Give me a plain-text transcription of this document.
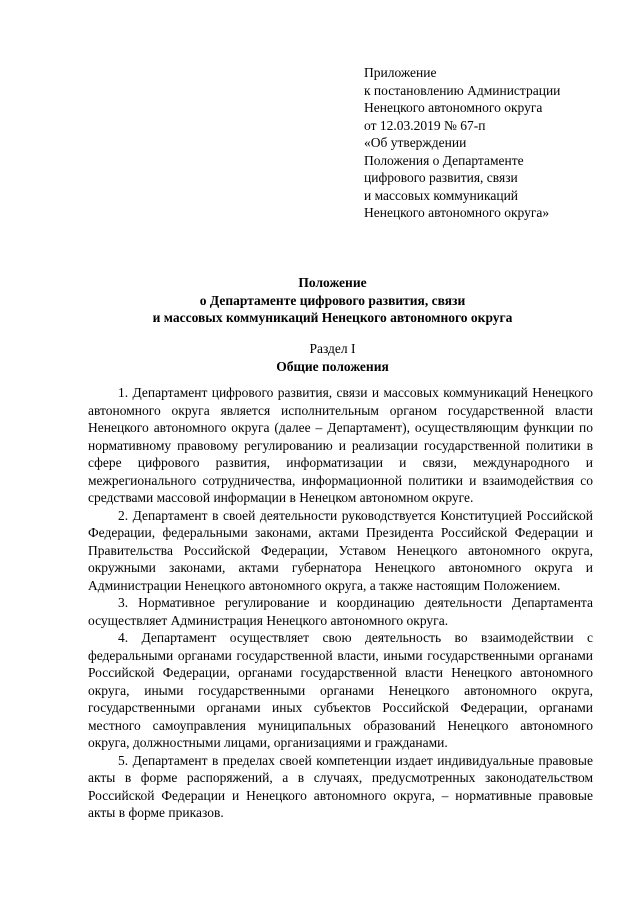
Приложение
к постановлению Администрации
Ненецкого автономного округа
от 12.03.2019 № 67-п
«Об утверждении
Положения о Департаменте
цифрового развития, связи
и массовых коммуникаций
Ненецкого автономного округа»
Положение
о Департаменте цифрового развития, связи
и массовых коммуникаций Ненецкого автономного округа
Раздел I
Общие положения

1. Департамент цифрового развития, связи и массовых коммуникаций Ненецкого автономного округа является исполнительным органом государственной власти Ненецкого автономного округа (далее – Департамент), осуществляющим функции по нормативному правовому регулированию и реализации государственной политики в сфере цифрового развития, информатизации и связи, международного и межрегионального сотрудничества, информационной политики и взаимодействия со средствами массовой информации в Ненецком автономном округе.

2. Департамент в своей деятельности руководствуется Конституцией Российской Федерации, федеральными законами, актами Президента Российской Федерации и Правительства Российской Федерации, Уставом Ненецкого автономного округа, окружными законами, актами губернатора Ненецкого автономного округа и Администрации Ненецкого автономного округа, а также настоящим Положением.

3. Нормативное регулирование и координацию деятельности Департамента осуществляет Администрация Ненецкого автономного округа.

4. Департамент осуществляет свою деятельность во взаимодействии с федеральными органами государственной власти, иными государственными органами Российской Федерации, органами государственной власти Ненецкого автономного округа, иными государственными органами Ненецкого автономного округа, государственными органами иных субъектов Российской Федерации, органами местного самоуправления муниципальных образований Ненецкого автономного округа, должностными лицами, организациями и гражданами.

5. Департамент в пределах своей компетенции издает индивидуальные правовые акты в форме распоряжений, а в случаях, предусмотренных законодательством Российской Федерации и Ненецкого автономного округа, – нормативные правовые акты в форме приказов.
